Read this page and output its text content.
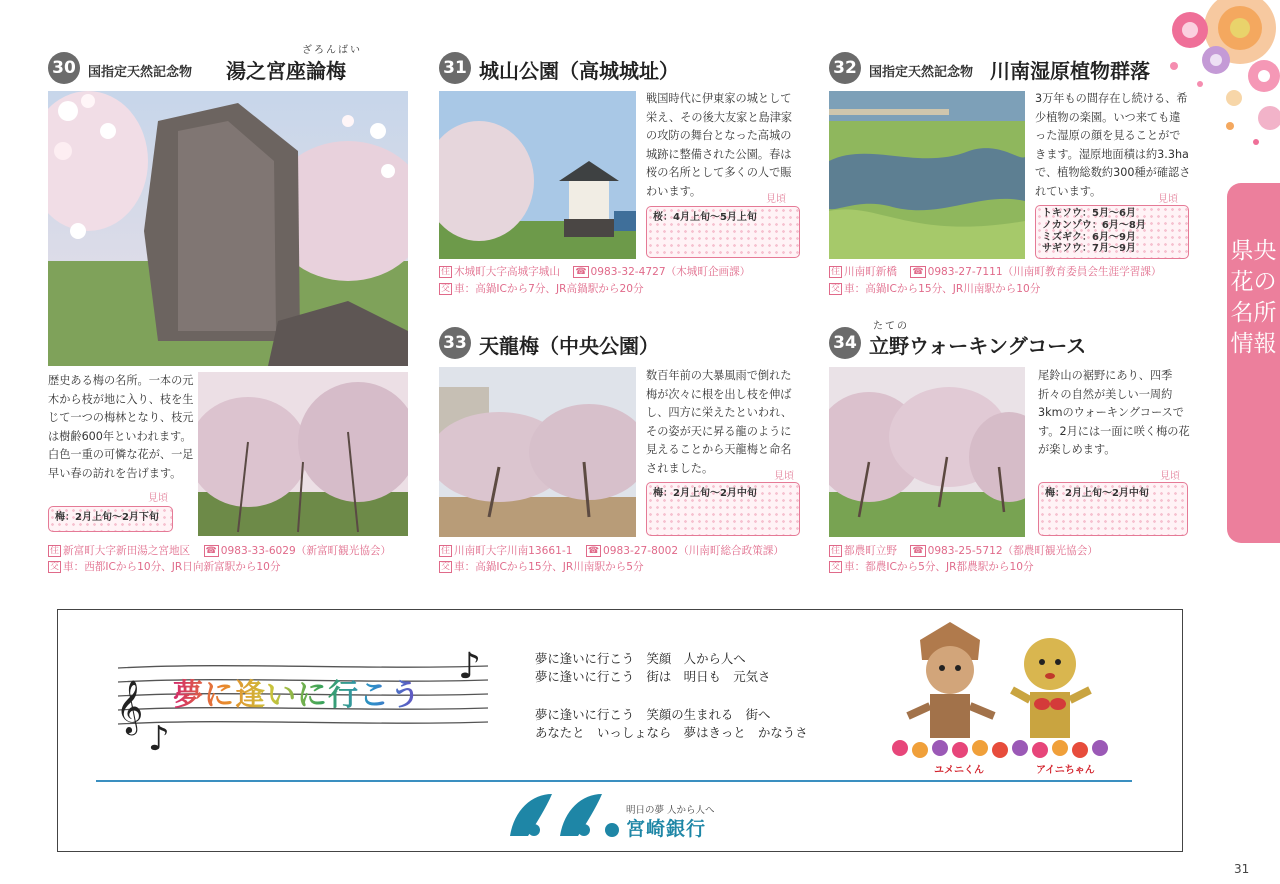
県央 花の名所情報
30 国指定天然記念物
ざろんばい
湯之宮座論梅
歴史ある梅の名所。一本の元木から枝が地に入り、枝を生じて一つの梅林となり、枝元は樹齢600年といわれます。白色一重の可憐な花が、一足早い春の訪れを告げます。
見頃
梅：2月上旬〜2月下旬
住 新富町大字新田湯之宮地区 ☎ 0983-33-6029（新富町観光協会）
交 車：西都ICから10分、JR日向新富駅から10分
31 城山公園（高城城址）
戦国時代に伊東家の城として栄え、その後大友家と島津家の攻防の舞台となった高城の城跡に整備された公園。春は桜の名所として多くの人で賑わいます。
見頃
桜：4月上旬〜5月上旬
住 木城町大字高城字城山 ☎ 0983-32-4727（木城町企画課）
交 車：高鍋ICから7分、JR高鍋駅から20分
32 国指定天然記念物 川南湿原植物群落
3万年もの間存在し続ける、希少植物の楽園。いつ来ても違った湿原の顔を見ることができます。湿原地面積は約3.3haで、植物総数約300種が確認されています。
見頃
トキソウ：5月〜6月
ノカンゾウ：6月〜8月
ミズギク：6月〜9月
サギソウ：7月〜9月
住 川南町新橋 ☎ 0983-27-7111（川南町教育委員会生涯学習課）
交 車：高鍋ICから15分、JR川南駅から10分
33 天龍梅（中央公園）
数百年前の大暴風雨で倒れた梅が次々に根を出し枝を伸ばし、四方に栄えたといわれ、その姿が天に昇る龍のように見えることから天龍梅と命名されました。
見頃
梅：2月上旬〜2月中旬
住 川南町大字川南13661-1 ☎ 0983-27-8002（川南町総合政策課）
交 車：高鍋ICから15分、JR川南駅から5分
34
たての
立野ウォーキングコース
尾鈴山の裾野にあり、四季折々の自然が美しい一周約3kmのウォーキングコースです。2月には一面に咲く梅の花が楽しめます。
見頃
梅：2月上旬〜2月中旬
住 都農町立野 ☎ 0983-25-5712（都農町観光協会）
交 車：都農ICから5分、JR都農駅から10分
𝄞
♪
♪
夢に逢いに行こう
夢に逢いに行こう　笑顔　人から人へ
夢に逢いに行こう　街は　明日も　元気さ
夢に逢いに行こう　笑顔の生まれる　街へ
あなたと　いっしょなら　夢はきっと　かなうさ
ユメニくん	アイニちゃん
明日の夢 人から人へ
宮崎銀行
31
